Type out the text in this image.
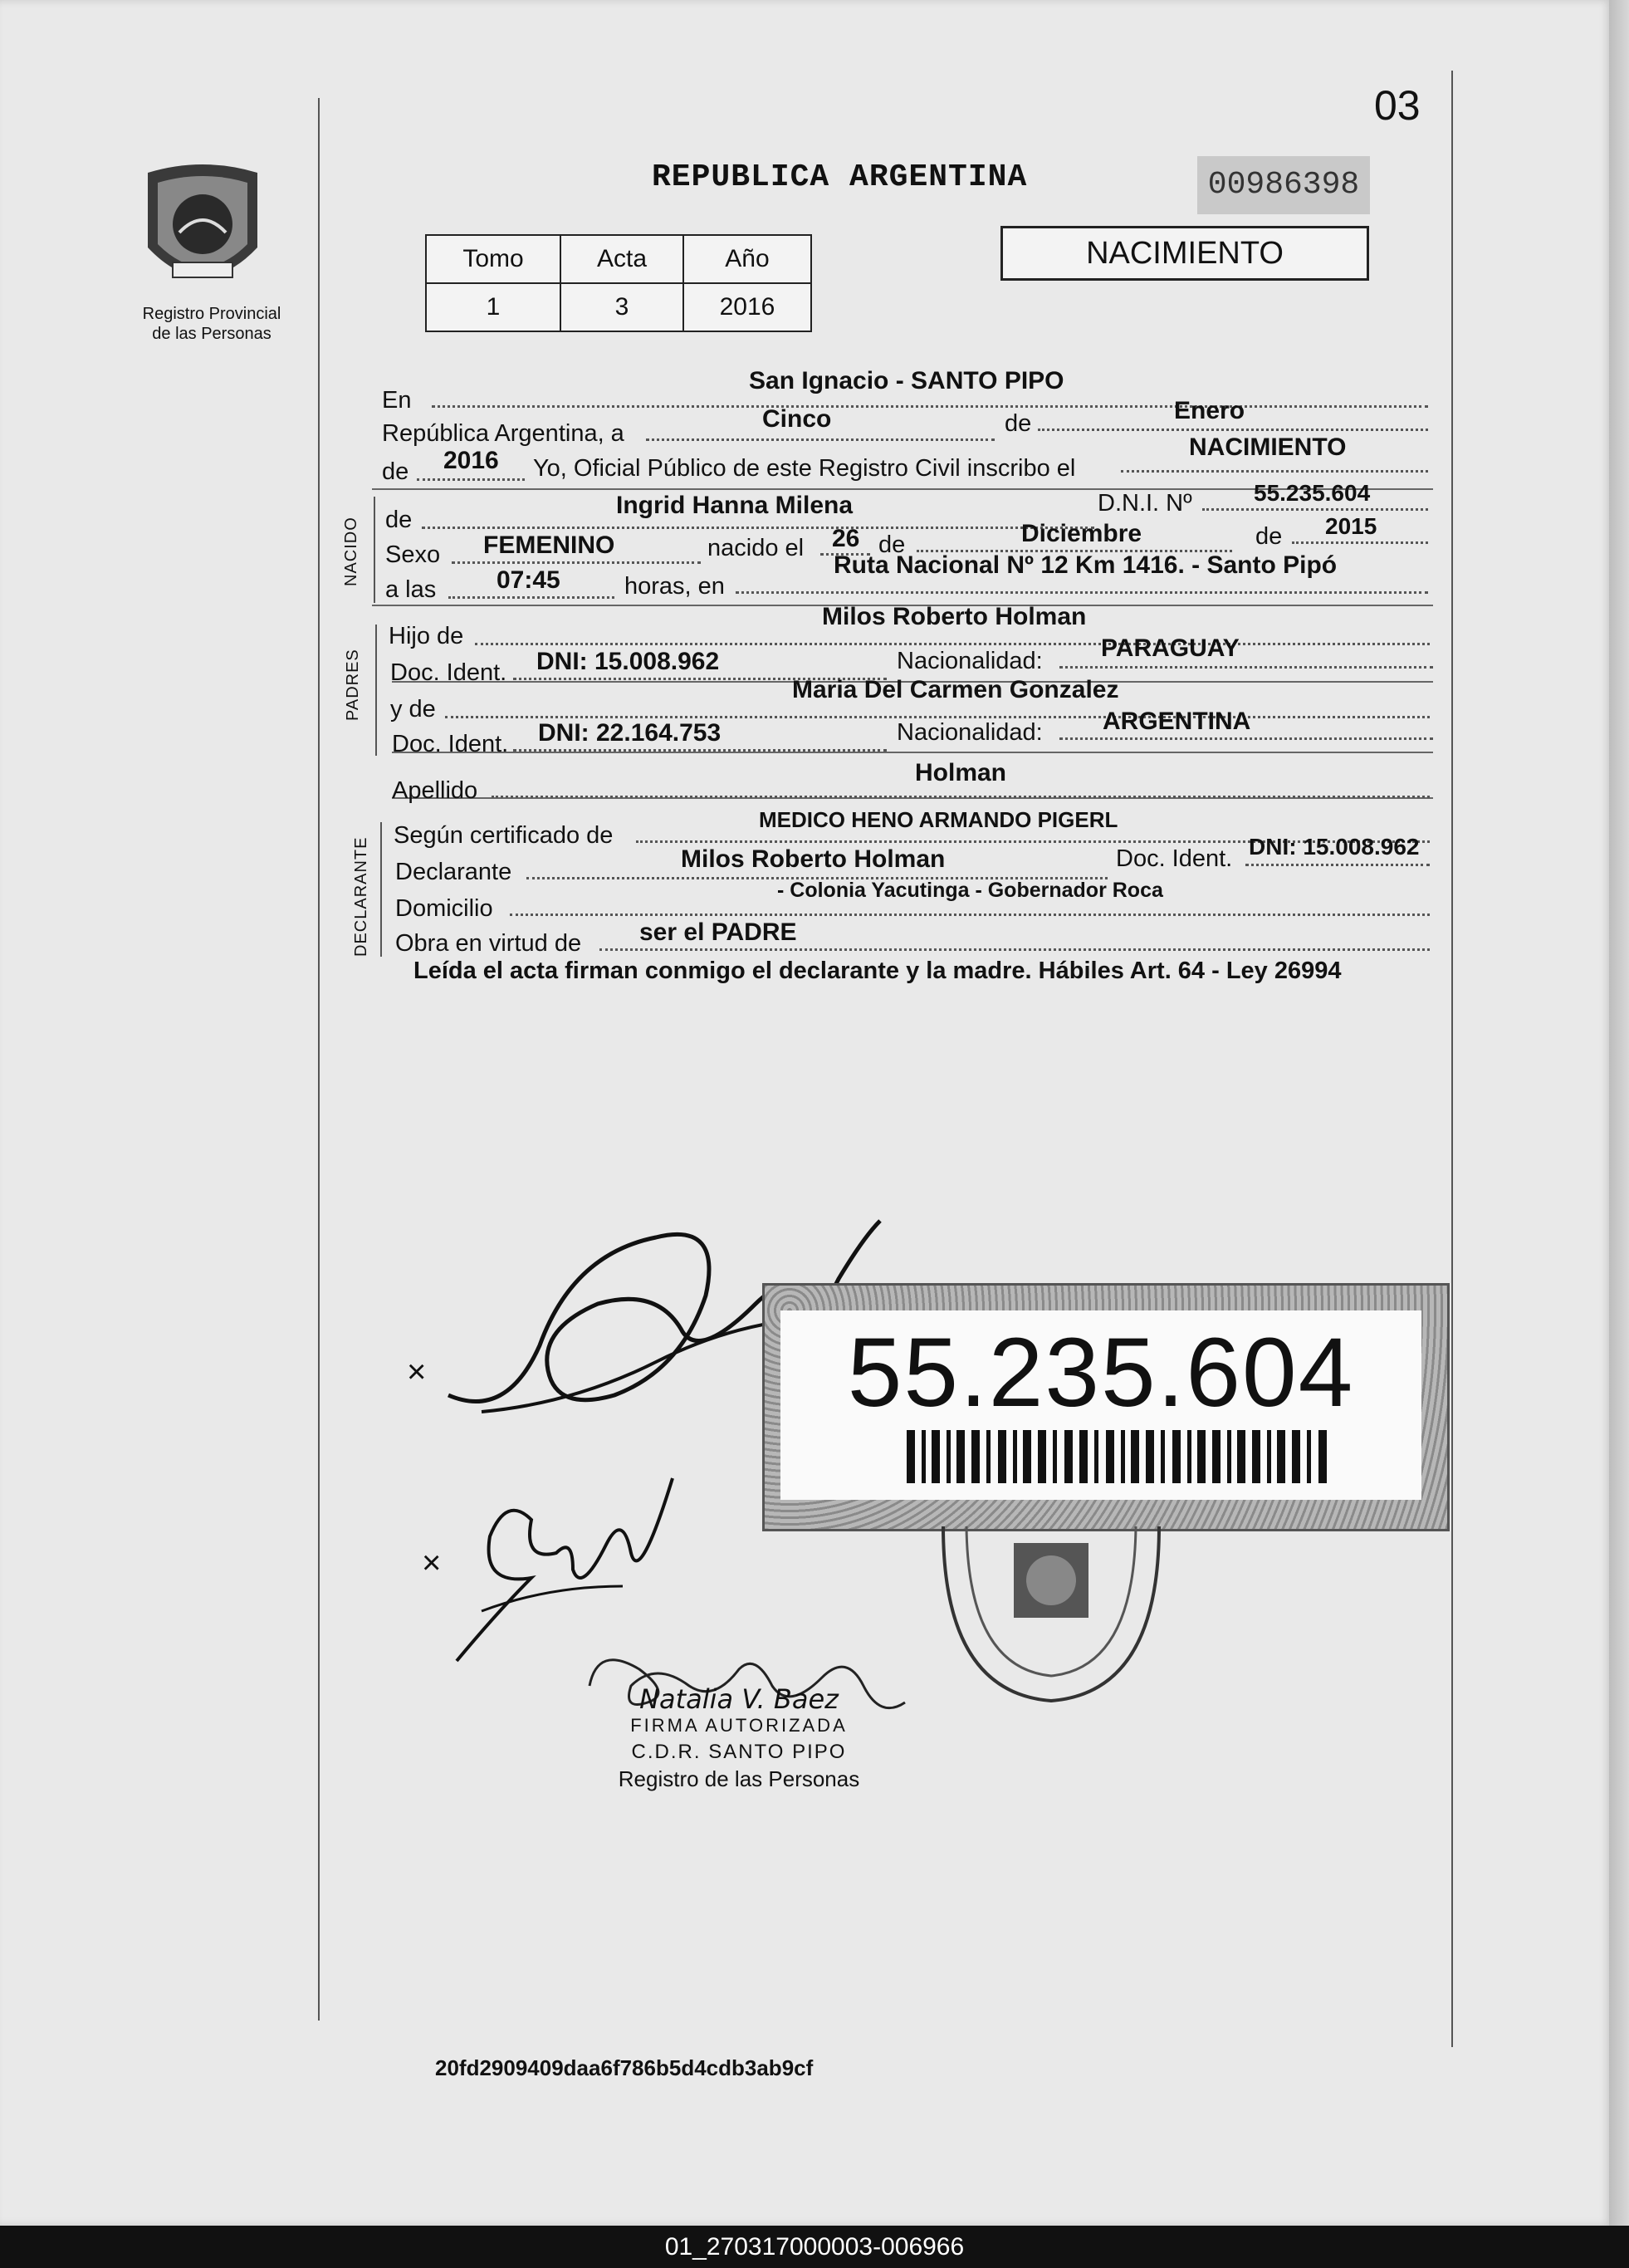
03
REPUBLICA ARGENTINA	00986398
NACIMIENTO
Registro Provincial
de las Personas
Tomo	Acta	Año
1	3	2016
En
San Ignacio - SANTO PIPO
República Argentina, a
Cinco	de	Enero
de 2016 Yo, Oficial Público de este Registro Civil inscribo el
NACIMIENTO
NACIDO de
Ingrid Hanna Milena	D.N.I. Nº	55.235.604
Sexo FEMENINO	nacido el 26 de	Diciembre	de 2015
a las 07:45	horas, en
Ruta Nacional Nº 12 Km 1416. - Santo Pipó
PADRES
Hijo de
Milos Roberto Holman
Doc. Ident. DNI: 15.008.962	Nacionalidad: PARAGUAY
y de
Maria Del Carmen Gonzalez
Doc. Ident. DNI: 22.164.753	Nacionalidad: ARGENTINA
Apellido
Holman
DECLARANTE
Según certificado de
MEDICO HENO ARMANDO PIGERL
Declarante	Milos Roberto Holman	Doc. Ident. DNI: 15.008.962
Domicilio
- Colonia Yacutinga - Gobernador Roca
Obra en virtud de ser el PADRE
Leída el acta firman conmigo el declarante y la madre. Hábiles Art. 64 - Ley 26994
×
×
Natalia V. Baez
FIRMA AUTORIZADA
C.D.R. SANTO PIPO
Registro de las Personas
55.235.604
20fd2909409daa6f786b5d4cdb3ab9cf
01_270317000003-006966
